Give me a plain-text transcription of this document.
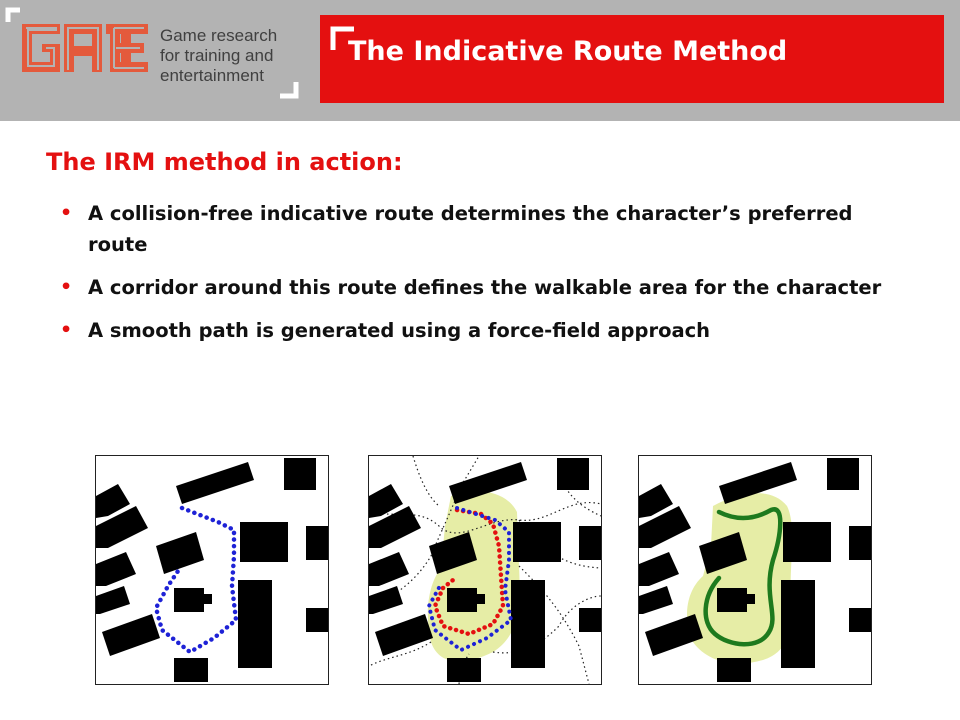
Game research
for training and
entertainment
The Indicative Route Method
The IRM method in action:
• A collision-free indicative route determines the character’s preferred route
• A corridor around this route defines the walkable area for the character
• A smooth path is generated using a force-field approach
